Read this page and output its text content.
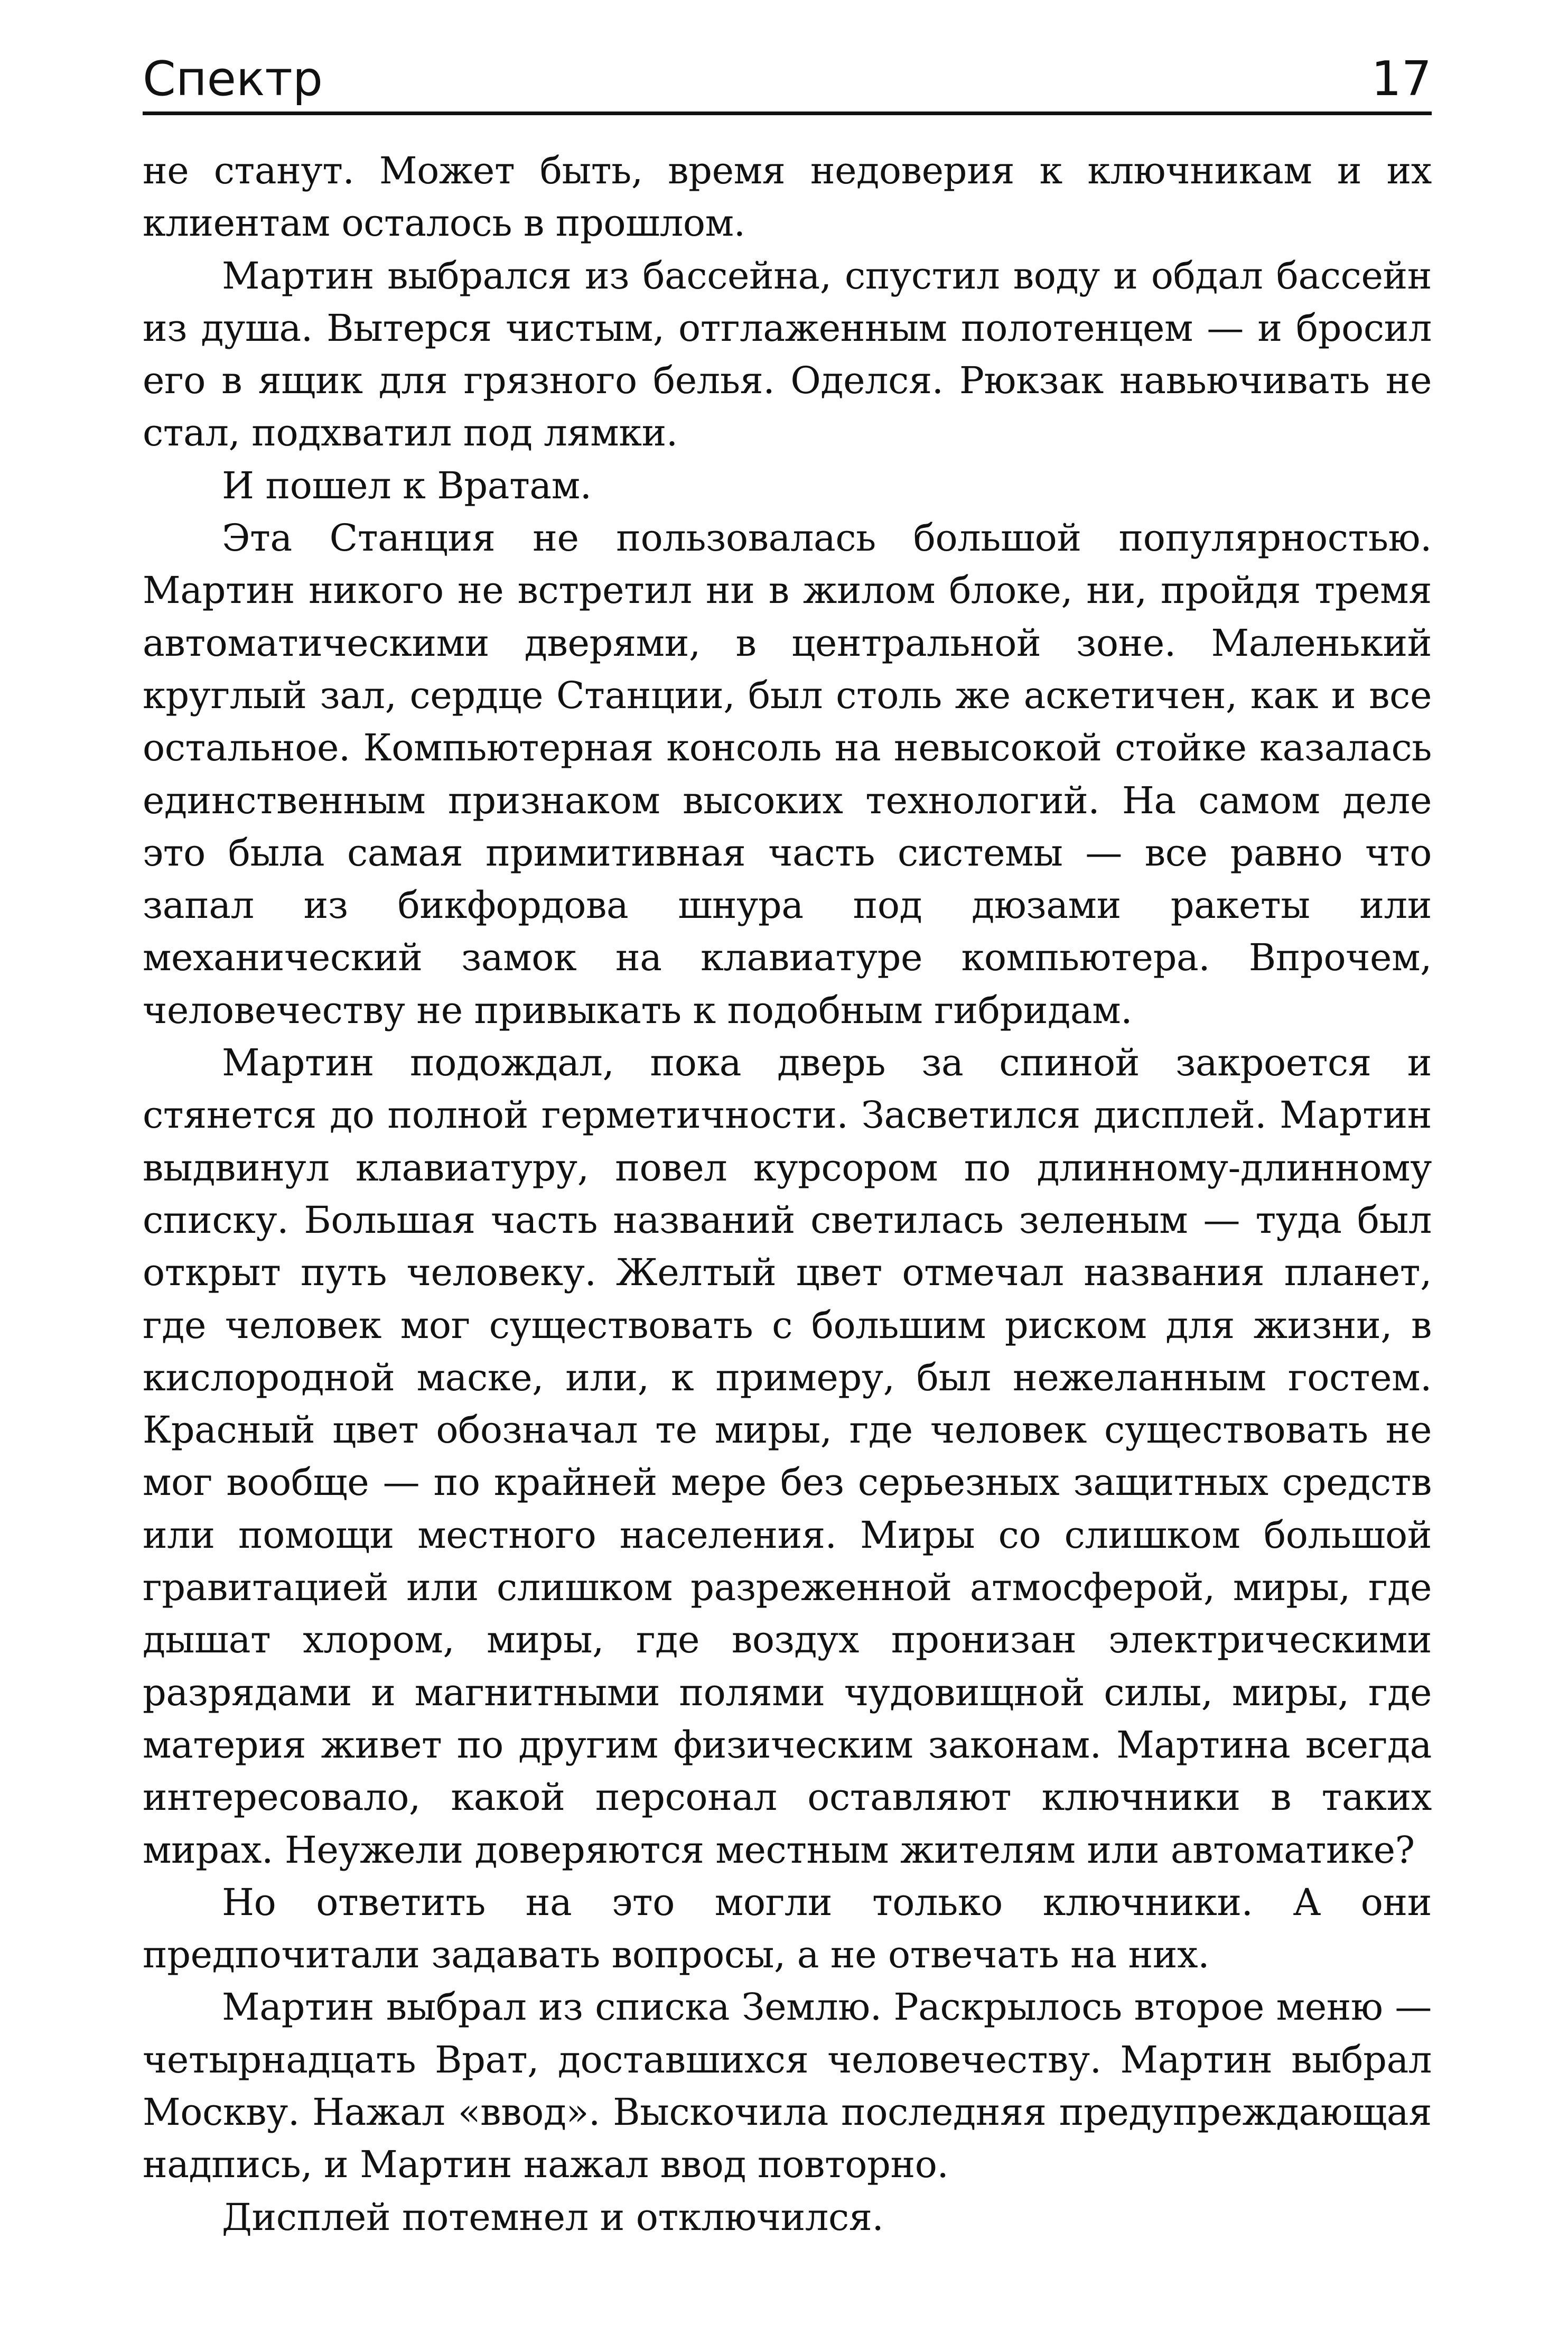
Спектр	17

не станут. Может быть, время недоверия к ключникам и их клиентам осталось в прошлом.

Мартин выбрался из бассейна, спустил воду и обдал бассейн из душа. Вытерся чистым, отглаженным полотенцем — и бросил его в ящик для грязного белья. Оделся. Рюкзак навьючивать не стал, подхватил под лямки.

И пошел к Вратам.

Эта Станция не пользовалась большой популярностью. Мартин никого не встретил ни в жилом блоке, ни, пройдя тремя автоматическими дверями, в центральной зоне. Маленький круглый зал, сердце Станции, был столь же аскетичен, как и все остальное. Компьютерная консоль на невысокой стойке казалась единственным признаком высоких технологий. На самом деле это была самая примитивная часть системы — все равно что запал из бикфордова шнура под дюзами ракеты или механический замок на клавиатуре компьютера. Впрочем, человечеству не привыкать к подобным гибридам.

Мартин подождал, пока дверь за спиной закроется и стянется до полной герметичности. Засветился дисплей. Мартин выдвинул клавиатуру, повел курсором по длинному-длинному списку. Большая часть названий светилась зеленым — туда был открыт путь человеку. Желтый цвет отмечал названия планет, где человек мог существовать с большим риском для жизни, в кислородной маске, или, к примеру, был нежеланным гостем. Красный цвет обозначал те миры, где человек существовать не мог вообще — по крайней мере без серьезных защитных средств или помощи местного населения. Миры со слишком большой гравитацией или слишком разреженной атмосферой, миры, где дышат хлором, миры, где воздух пронизан электрическими разрядами и магнитными полями чудовищной силы, миры, где материя живет по другим физическим законам. Мартина всегда интересовало, какой персонал оставляют ключники в таких мирах. Неужели доверяются местным жителям или автоматике?

Но ответить на это могли только ключники. А они предпочитали задавать вопросы, а не отвечать на них.

Мартин выбрал из списка Землю. Раскрылось второе меню — четырнадцать Врат, доставшихся человечеству. Мартин выбрал Москву. Нажал «ввод». Выскочила последняя предупреждающая надпись, и Мартин нажал ввод повторно.

Дисплей потемнел и отключился.
